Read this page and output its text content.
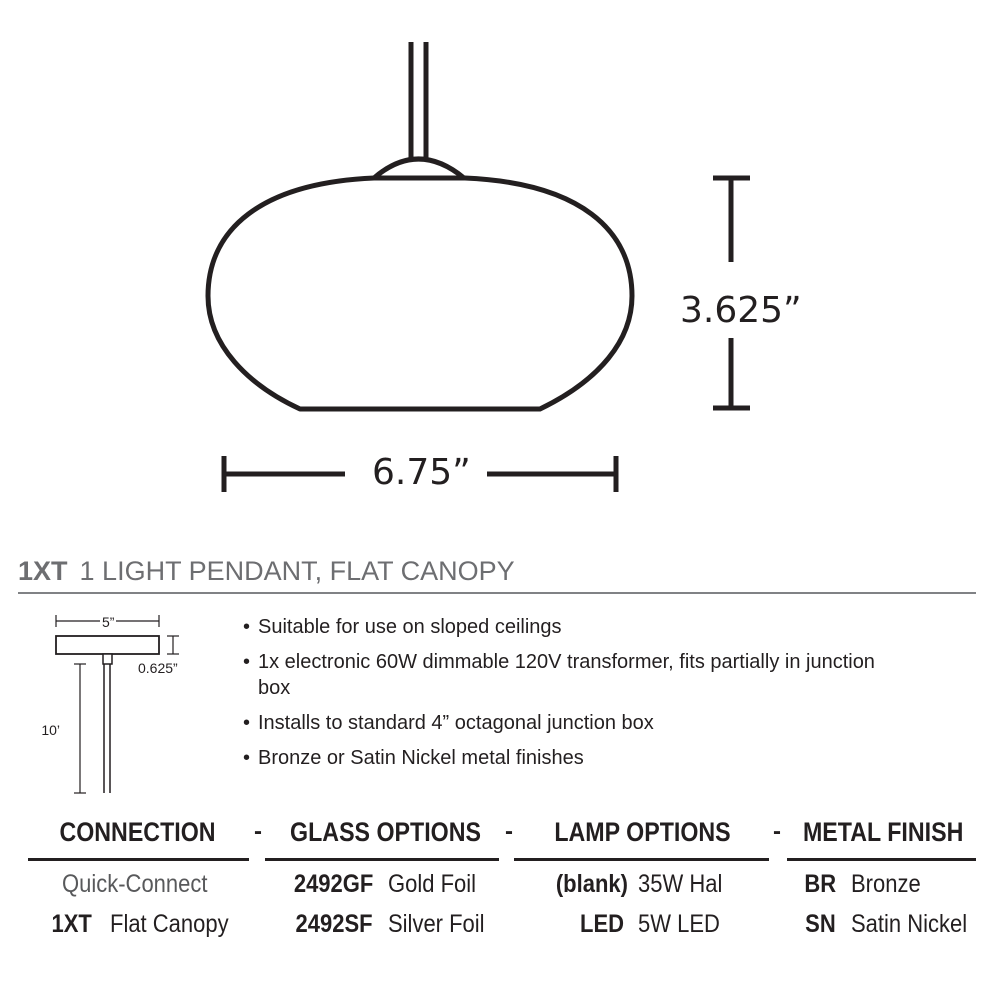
3.625”
6.75”
1XT 1 LIGHT PENDANT, FLAT CANOPY
5”
0.625”
10’
• Suitable for use on sloped ceilings
• 1x electronic 60W dimmable 120V transformer, fits partially in junction box
• Installs to standard 4” octagonal junction box
• Bronze or Satin Nickel metal finishes
CONNECTION - GLASS OPTIONS -	LAMP OPTIONS	- METAL FINISH
Quick-Connect
1XT Flat Canopy
2492GF Gold Foil
2492SF Silver Foil
(blank) 35W Hal
LED 5W LED
BR Bronze
SN Satin Nickel
